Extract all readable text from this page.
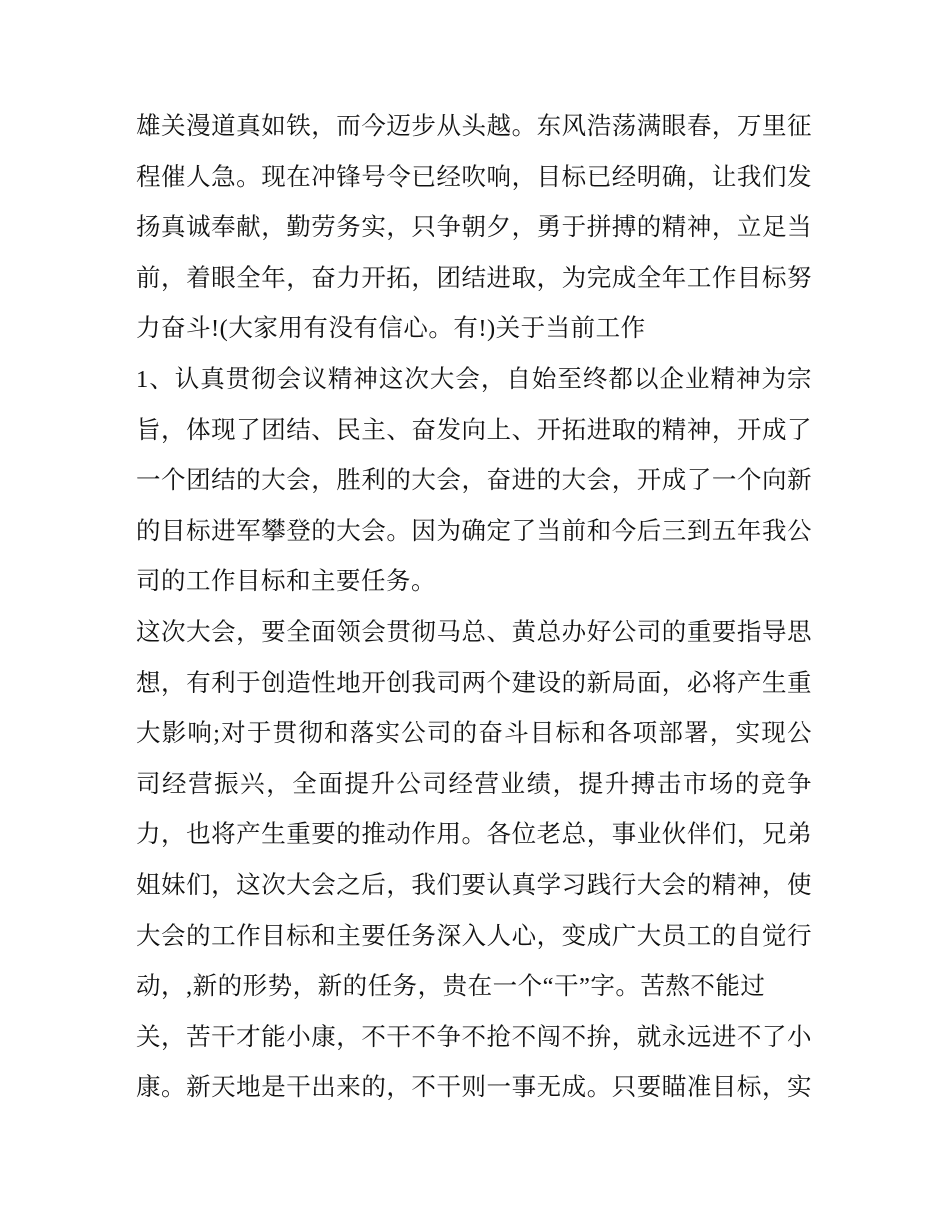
雄关漫道真如铁，而今迈步从头越。东风浩荡满眼春，万里征
程催人急。现在冲锋号令已经吹响，目标已经明确，让我们发
扬真诚奉献，勤劳务实，只争朝夕，勇于拼搏的精神，立足当
前，着眼全年，奋力开拓，团结进取，为完成全年工作目标努
力奋斗!(大家用有没有信心。有!)关于当前工作
1、认真贯彻会议精神这次大会，自始至终都以企业精神为宗
旨，体现了团结、民主、奋发向上、开拓进取的精神，开成了
一个团结的大会，胜利的大会，奋进的大会，开成了一个向新
的目标进军攀登的大会。因为确定了当前和今后三到五年我公
司的工作目标和主要任务。
这次大会，要全面领会贯彻马总、黄总办好公司的重要指导思
想，有利于创造性地开创我司两个建设的新局面，必将产生重
大影响;对于贯彻和落实公司的奋斗目标和各项部署，实现公
司经营振兴，全面提升公司经营业绩，提升搏击市场的竞争
力，也将产生重要的推动作用。各位老总，事业伙伴们，兄弟
姐妹们，这次大会之后，我们要认真学习践行大会的精神，使
大会的工作目标和主要任务深入人心，变成广大员工的自觉行
动，,新的形势，新的任务，贵在一个“干”字。苦熬不能过
关，苦干才能小康，不干不争不抢不闯不拚，就永远进不了小
康。新天地是干出来的，不干则一事无成。只要瞄准目标，实
